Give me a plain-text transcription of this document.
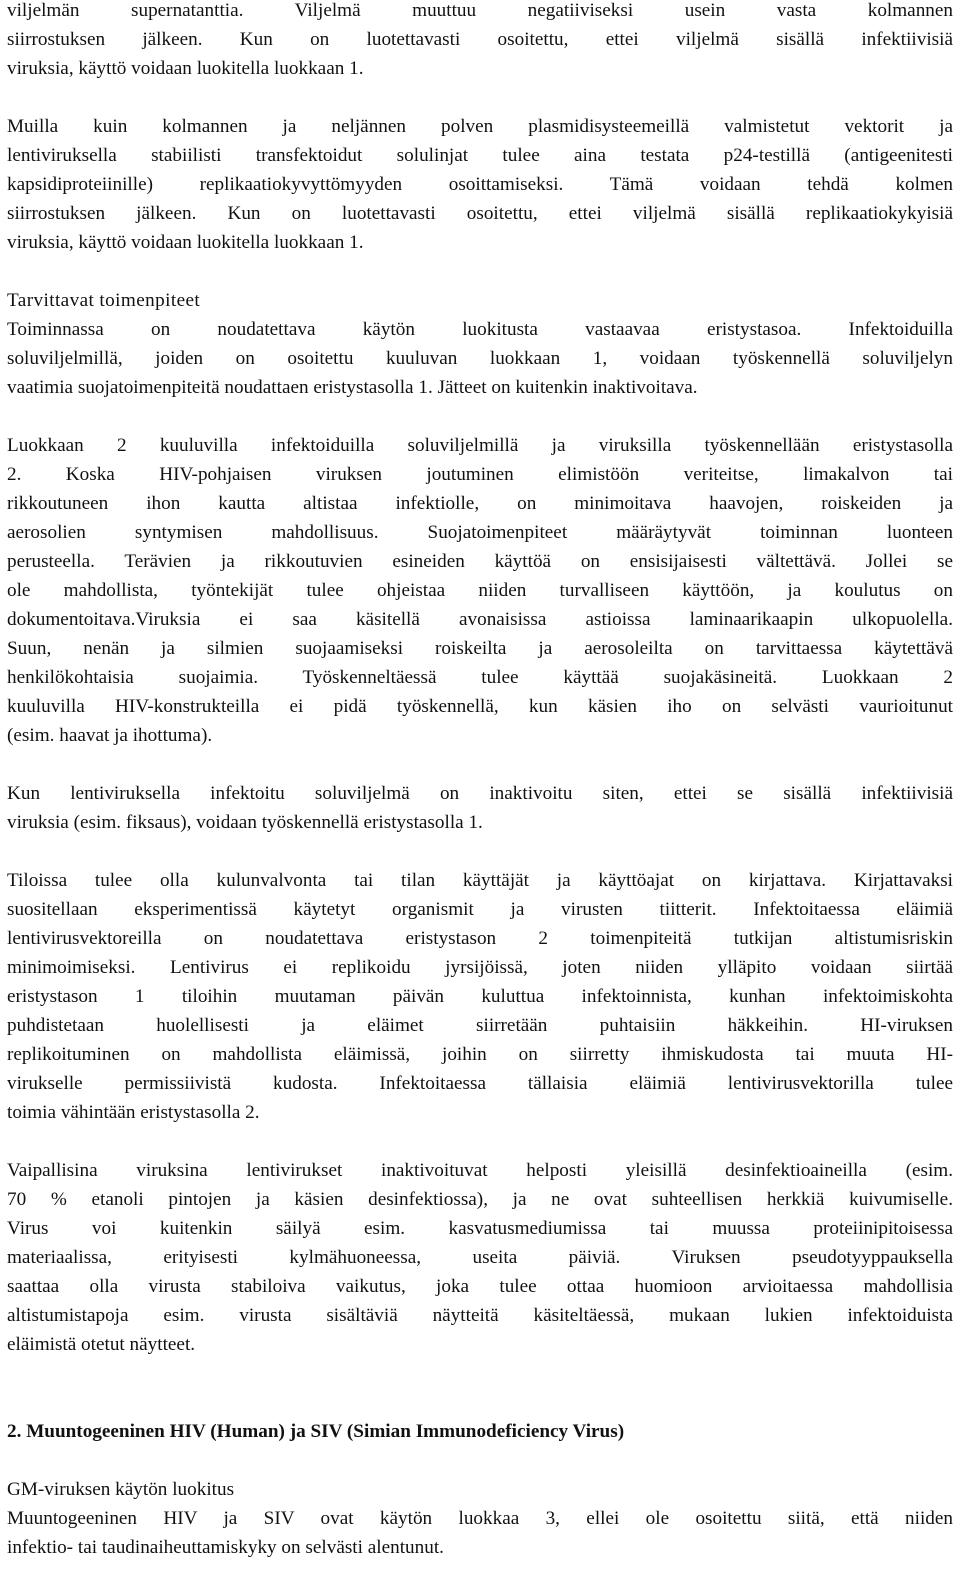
viljelmän supernatanttia. Viljelmä muuttuu negatiiviseksi usein vasta kolmannen
siirrostuksen jälkeen. Kun on luotettavasti osoitettu, ettei viljelmä sisällä infektiivisiä
viruksia, käyttö voidaan luokitella luokkaan 1.
Muilla kuin kolmannen ja neljännen polven plasmidisysteemeillä valmistetut vektorit ja
lentiviruksella stabiilisti transfektoidut solulinjat tulee aina testata p24-testillä (antigeenitesti
kapsidiproteiinille) replikaatiokyvyttömyyden osoittamiseksi. Tämä voidaan tehdä kolmen
siirrostuksen jälkeen. Kun on luotettavasti osoitettu, ettei viljelmä sisällä replikaatiokykyisiä
viruksia, käyttö voidaan luokitella luokkaan 1.
Tarvittavat toimenpiteet
Toiminnassa on noudatettava käytön luokitusta vastaavaa eristystasoa. Infektoiduilla
soluviljelmillä, joiden on osoitettu kuuluvan luokkaan 1, voidaan työskennellä soluviljelyn
vaatimia suojatoimenpiteitä noudattaen eristystasolla 1. Jätteet on kuitenkin inaktivoitava.
Luokkaan 2 kuuluvilla infektoiduilla soluviljelmillä ja viruksilla työskennellään eristystasolla
2. Koska HIV-pohjaisen viruksen joutuminen elimistöön veriteitse, limakalvon tai
rikkoutuneen ihon kautta altistaa infektiolle, on minimoitava haavojen, roiskeiden ja
aerosolien syntymisen mahdollisuus. Suojatoimenpiteet määräytyvät toiminnan luonteen
perusteella. Terävien ja rikkoutuvien esineiden käyttöä on ensisijaisesti vältettävä. Jollei se
ole mahdollista, työntekijät tulee ohjeistaa niiden turvalliseen käyttöön, ja koulutus on
dokumentoitava.Viruksia ei saa käsitellä avonaisissa astioissa laminaarikaapin ulkopuolella.
Suun, nenän ja silmien suojaamiseksi roiskeilta ja aerosoleilta on tarvittaessa käytettävä
henkilökohtaisia suojaimia. Työskenneltäessä tulee käyttää suojakäsineitä. Luokkaan 2
kuuluvilla HIV-konstrukteilla ei pidä työskennellä, kun käsien iho on selvästi vaurioitunut
(esim. haavat ja ihottuma).
Kun lentiviruksella infektoitu soluviljelmä on inaktivoitu siten, ettei se sisällä infektiivisiä
viruksia (esim. fiksaus), voidaan työskennellä eristystasolla 1.
Tiloissa tulee olla kulunvalvonta tai tilan käyttäjät ja käyttöajat on kirjattava. Kirjattavaksi
suositellaan eksperimentissä käytetyt organismit ja virusten tiitterit. Infektoitaessa eläimiä
lentivirusvektoreilla on noudatettava eristystason 2 toimenpiteitä tutkijan altistumisriskin
minimoimiseksi. Lentivirus ei replikoidu jyrsijöissä, joten niiden ylläpito voidaan siirtää
eristystason 1 tiloihin muutaman päivän kuluttua infektoinnista, kunhan infektoimiskohta
puhdistetaan huolellisesti ja eläimet siirretään puhtaisiin häkkeihin. HI-viruksen
replikoituminen on mahdollista eläimissä, joihin on siirretty ihmiskudosta tai muuta HI-
virukselle permissiivistä kudosta. Infektoitaessa tällaisia eläimiä lentivirusvektorilla tulee
toimia vähintään eristystasolla 2.
Vaipallisina viruksina lentivirukset inaktivoituvat helposti yleisillä desinfektioaineilla (esim.
70 % etanoli pintojen ja käsien desinfektiossa), ja ne ovat suhteellisen herkkiä kuivumiselle.
Virus voi kuitenkin säilyä esim. kasvatusmediumissa tai muussa proteiinipitoisessa
materiaalissa, erityisesti kylmähuoneessa, useita päiviä. Viruksen pseudotyyppauksella
saattaa olla virusta stabiloiva vaikutus, joka tulee ottaa huomioon arvioitaessa mahdollisia
altistumistapoja esim. virusta sisältäviä näytteitä käsiteltäessä, mukaan lukien infektoiduista
eläimistä otetut näytteet.
2. Muuntogeeninen HIV (Human) ja SIV (Simian Immunodeficiency Virus)
GM-viruksen käytön luokitus
Muuntogeeninen HIV ja SIV ovat käytön luokkaa 3, ellei ole osoitettu siitä, että niiden
infektio- tai taudinaiheuttamiskyky on selvästi alentunut.
